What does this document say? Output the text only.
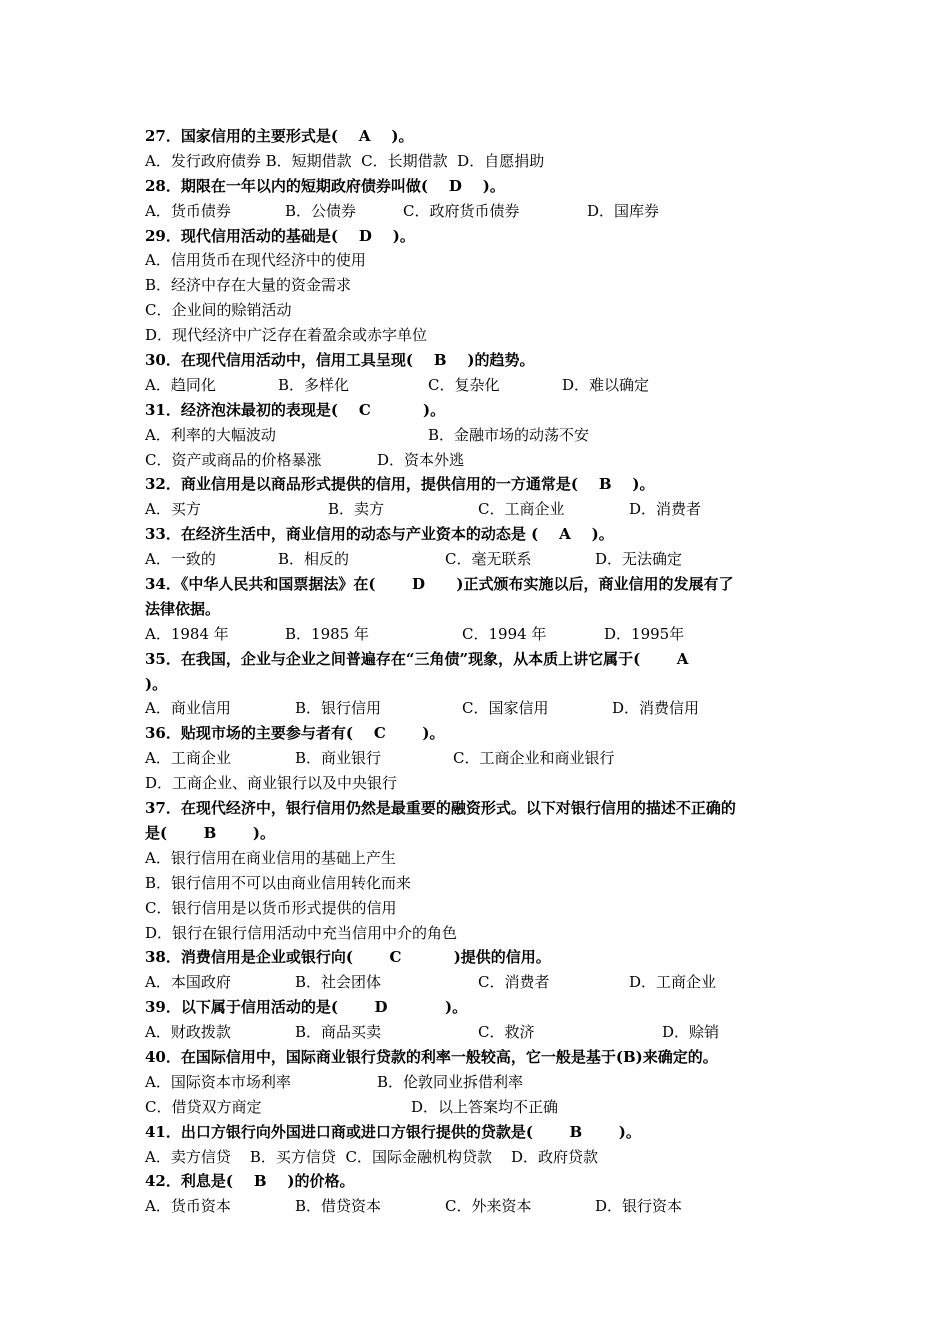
27．国家信用的主要形式是(    A    )。
A．发行政府债券 B．短期借款  C．长期借款  D．自愿捐助
28．期限在一年以内的短期政府债券叫做(    D    )。
A．货币债券	B．公债券	C．政府货币债券	D．国库券
29．现代信用活动的基础是(    D    )。
A．信用货币在现代经济中的使用
B．经济中存在大量的资金需求
C．企业间的赊销活动
D．现代经济中广泛存在着盈余或赤字单位
30．在现代信用活动中，信用工具呈现(    B    )的趋势。
A．趋同化	B．多样化	C．复杂化	D．难以确定
31．经济泡沫最初的表现是(    C          )。
A．利率的大幅波动	B．金融市场的动荡不安
C．资产或商品的价格暴涨	D．资本外逃
32．商业信用是以商品形式提供的信用，提供信用的一方通常是(    B    )。
A．买方	B．卖方	C．工商企业	D．消费者
33．在经济生活中，商业信用的动态与产业资本的动态是 (    A    )。
A．一致的	B．相反的	C．毫无联系	D．无法确定
34．《中华人民共和国票据法》在(       D      )正式颁布实施以后，商业信用的发展有了
法律依据。
A．1984 年	B．1985 年	C．1994 年	D．1995年
35．在我国，企业与企业之间普遍存在“三角债”现象，从本质上讲它属于(       A
)。
A．商业信用	B．银行信用	C．国家信用	D．消费信用
36．贴现市场的主要参与者有(    C       )。
A．工商企业	B．商业银行	C．工商企业和商业银行
D．工商企业、商业银行以及中央银行
37．在现代经济中，银行信用仍然是最重要的融资形式。以下对银行信用的描述不正确的
是(       B       )。
A．银行信用在商业信用的基础上产生
B．银行信用不可以由商业信用转化而来
C．银行信用是以货币形式提供的信用
D．银行在银行信用活动中充当信用中介的角色
38．消费信用是企业或银行向(       C          )提供的信用。
A．本国政府	B．社会团体	C．消费者	D．工商企业
39．以下属于信用活动的是(       D           )。
A．财政拨款	B．商品买卖	C．救济	D．赊销
40．在国际信用中，国际商业银行贷款的利率一般较高，它一般是基于(B)来确定的。
A．国际资本市场利率	B．伦敦同业拆借利率
C．借贷双方商定	D．以上答案均不正确
41．出口方银行向外国进口商或进口方银行提供的贷款是(       B       )。
A．卖方信贷    B．买方信贷  C．国际金融机构贷款    D．政府贷款
42．利息是(    B    )的价格。
A．货币资本	B．借贷资本	C．外来资本	D．银行资本
